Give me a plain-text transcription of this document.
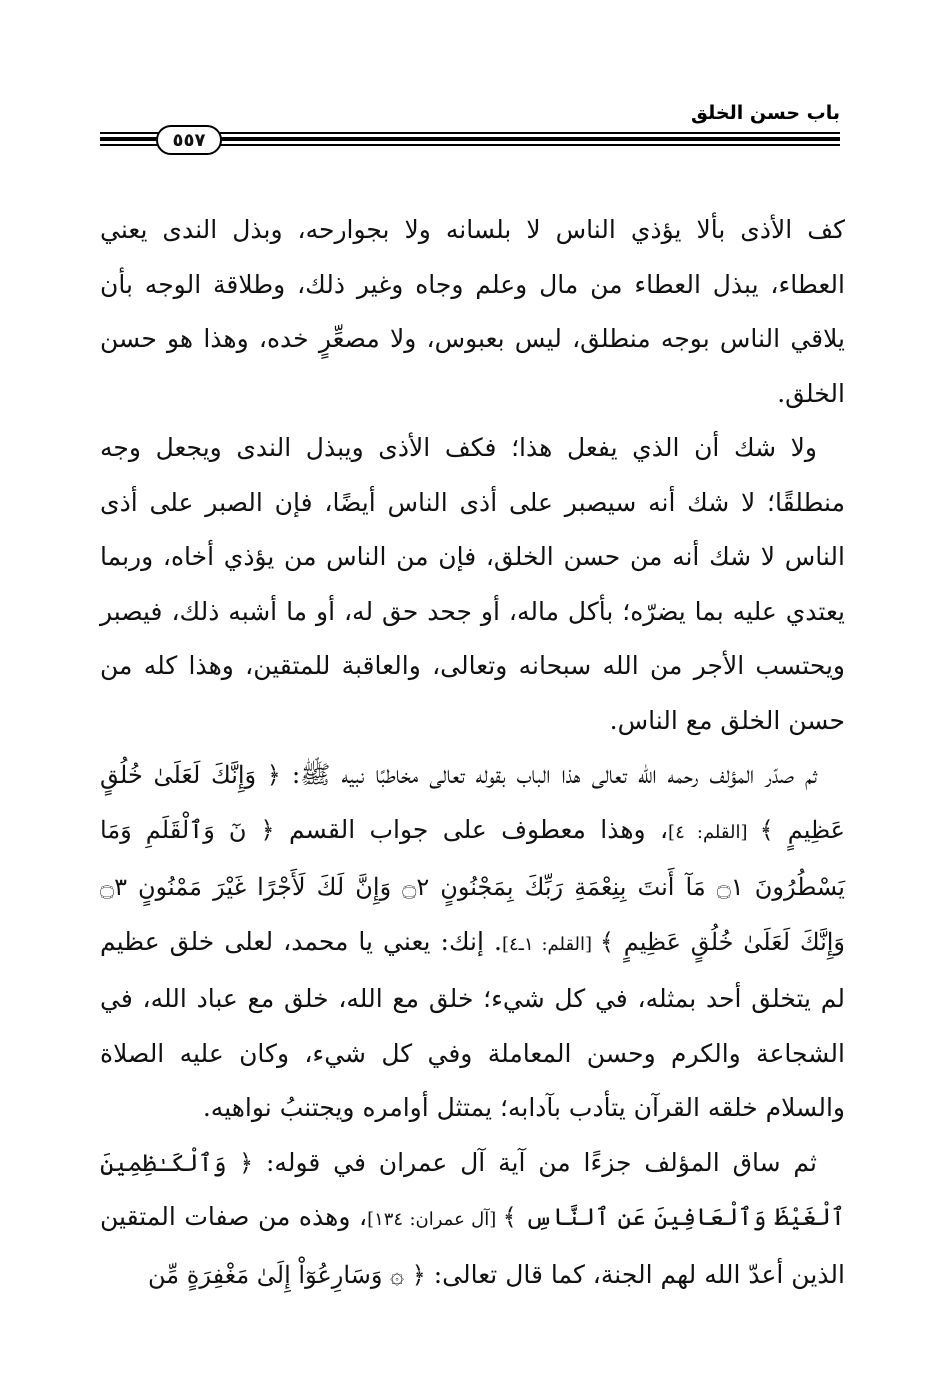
باب حسن الخلق
٥٥٧

كف الأذى بألا يؤذي الناس لا بلسانه ولا بجوارحه، وبذل الندى يعني العطاء، يبذل العطاء من مال وعلم وجاه وغير ذلك، وطلاقة الوجه بأن يلاقي الناس بوجه منطلق، ليس بعبوس، ولا مصعِّرٍ خده، وهذا هو حسن الخلق.

ولا شك أن الذي يفعل هذا؛ فكف الأذى ويبذل الندى ويجعل وجه منطلقًا؛ لا شك أنه سيصبر على أذى الناس أيضًا، فإن الصبر على أذى الناس لا شك أنه من حسن الخلق، فإن من الناس من يؤذي أخاه، وربما يعتدي عليه بما يضرّه؛ بأكل ماله، أو جحد حق له، أو ما أشبه ذلك، فيصبر ويحتسب الأجر من الله سبحانه وتعالى، والعاقبة للمتقين، وهذا كله من حسن الخلق مع الناس.

ثم صدّر المؤلف رحمه الله تعالى هذا الباب بقوله تعالى مخاطبًا نبيه ﷺ: ﴿ وَإِنَّكَ لَعَلَىٰ خُلُقٍ عَظِيمٍ ﴾ [القلم: ٤]، وهذا معطوف على جواب القسم ﴿ نٓ وَٱلْقَلَمِ وَمَا يَسْطُرُونَ ۝١ مَآ أَنتَ بِنِعْمَةِ رَبِّكَ بِمَجْنُونٍ ۝٢ وَإِنَّ لَكَ لَأَجْرًا غَيْرَ مَمْنُونٍ ۝٣ وَإِنَّكَ لَعَلَىٰ خُلُقٍ عَظِيمٍ ﴾ [القلم: ١ـ٤]. إنك: يعني يا محمد، لعلى خلق عظيم لم يتخلق أحد بمثله، في كل شيء؛ خلق مع الله، خلق مع عباد الله، في الشجاعة والكرم وحسن المعاملة وفي كل شيء، وكان عليه الصلاة والسلام خلقه القرآن يتأدب بآدابه؛ يمتثل أوامره ويجتنبُ نواهيه.

ثم ساق المؤلف جزءًا من آية آل عمران في قوله: ﴿ وَٱلْكَـٰظِمِينَ ٱلْغَيْظَ وَٱلْعَافِينَ عَنِ ٱلنَّاسِ ﴾ [آل عمران: ١٣٤]، وهذه من صفات المتقين الذين أعدّ الله لهم الجنة، كما قال تعالى: ﴿ ۞ وَسَارِعُوٓاْ إِلَىٰ مَغْفِرَةٍ مِّن
